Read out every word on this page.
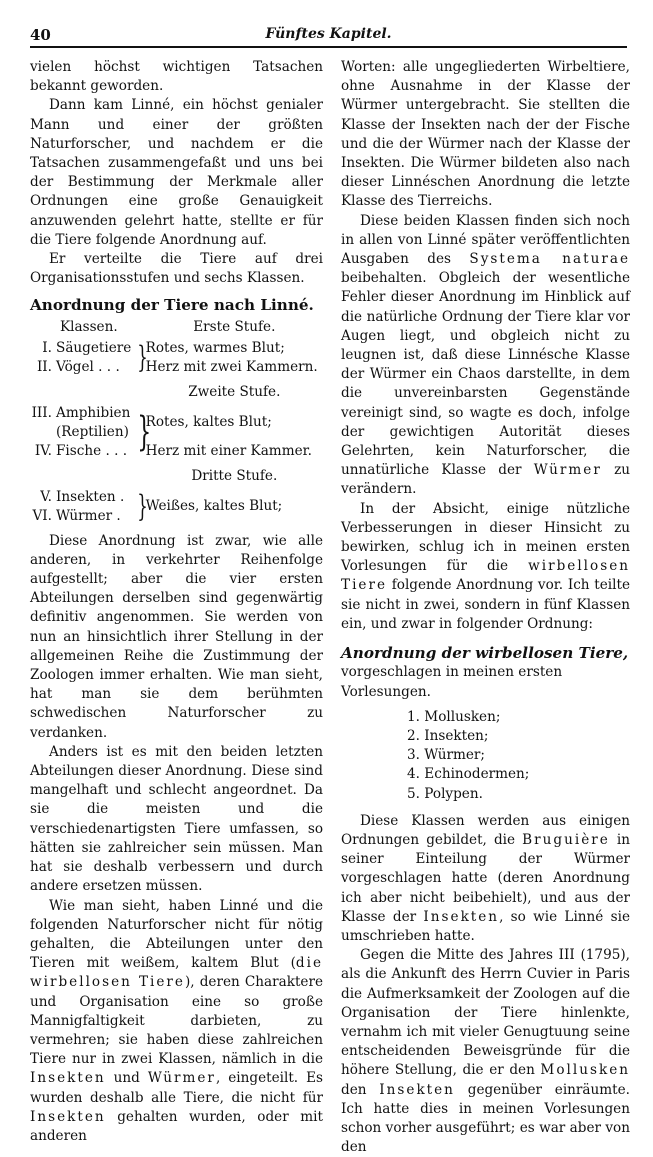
40	Fünftes Kapitel.

vielen höchst wichtigen Tatsachen bekannt geworden.

Dann kam Linné, ein höchst genialer Mann und einer der größten Naturforscher, und nachdem er die Tatsachen zusammengefaßt und uns bei der Bestimmung der Merkmale aller Ordnungen eine große Genauigkeit anzuwenden gelehrt hatte, stellte er für die Tiere folgende Anordnung auf.

Er verteilte die Tiere auf drei Organisationsstufen und sechs Klassen.

Anordnung der Tiere nach Linné.
Klassen.			Erste Stufe.
I.	Säugetiere	}	Rotes, warmes Blut;
II.	Vögel . . .		Herz mit zwei Kammern.
			Zweite Stufe.
III.	Amphibien
(Reptilien)	}	Rotes, kaltes Blut;
IV.	Fische . . .		Herz mit einer Kammer.
			Dritte Stufe.
V.	Insekten .	}	Weißes, kaltes Blut;
VI.	Würmer .		

Diese Anordnung ist zwar, wie alle anderen, in verkehrter Reihenfolge aufgestellt; aber die vier ersten Abteilungen derselben sind gegenwärtig definitiv angenommen. Sie werden von nun an hinsichtlich ihrer Stellung in der allgemeinen Reihe die Zustimmung der Zoologen immer erhalten. Wie man sieht, hat man sie dem berühmten schwedischen Naturforscher zu verdanken.

Anders ist es mit den beiden letzten Abteilungen dieser Anordnung. Diese sind mangelhaft und schlecht angeordnet. Da sie die meisten und die verschiedenartigsten Tiere umfassen, so hätten sie zahlreicher sein müssen. Man hat sie deshalb verbessern und durch andere ersetzen müssen.

Wie man sieht, haben Linné und die folgenden Naturforscher nicht für nötig gehalten, die Abteilungen unter den Tieren mit weißem, kaltem Blut (die wirbellosen Tiere), deren Charaktere und Organisation eine so große Mannigfaltigkeit darbieten, zu vermehren; sie haben diese zahlreichen Tiere nur in zwei Klassen, nämlich in die Insekten und Würmer, eingeteilt. Es wurden deshalb alle Tiere, die nicht für Insekten gehalten wurden, oder mit anderen

Worten: alle ungegliederten Wirbeltiere, ohne Ausnahme in der Klasse der Würmer untergebracht. Sie stellten die Klasse der Insekten nach der der Fische und die der Würmer nach der Klasse der Insekten. Die Würmer bildeten also nach dieser Linnéschen Anordnung die letzte Klasse des Tierreichs.

Diese beiden Klassen finden sich noch in allen von Linné später veröffentlichten Ausgaben des Systema naturae beibehalten. Obgleich der wesentliche Fehler dieser Anordnung im Hinblick auf die natürliche Ordnung der Tiere klar vor Augen liegt, und obgleich nicht zu leugnen ist, daß diese Linnésche Klasse der Würmer ein Chaos darstellte, in dem die unvereinbarsten Gegenstände vereinigt sind, so wagte es doch, infolge der gewichtigen Autorität dieses Gelehrten, kein Naturforscher, die unnatürliche Klasse der Würmer zu verändern.

In der Absicht, einige nützliche Verbesserungen in dieser Hinsicht zu bewirken, schlug ich in meinen ersten Vorlesungen für die wirbellosen Tiere folgende Anordnung vor. Ich teilte sie nicht in zwei, sondern in fünf Klassen ein, und zwar in folgender Ordnung:

Anordnung der wirbellosen Tiere,
vorgeschlagen in meinen ersten Vorlesungen.
1. Mollusken;
2. Insekten;
3. Würmer;
4. Echinodermen;
5. Polypen.

Diese Klassen werden aus einigen Ordnungen gebildet, die Bruguière in seiner Einteilung der Würmer vorgeschlagen hatte (deren Anordnung ich aber nicht beibehielt), und aus der Klasse der Insekten, so wie Linné sie umschrieben hatte.

Gegen die Mitte des Jahres III (1795), als die Ankunft des Herrn Cuvier in Paris die Aufmerksamkeit der Zoologen auf die Organisation der Tiere hinlenkte, vernahm ich mit vieler Genugtuung seine entscheidenden Beweisgründe für die höhere Stellung, die er den Mollusken den Insekten gegenüber einräumte. Ich hatte dies in meinen Vorlesungen schon vorher ausgeführt; es war aber von den
